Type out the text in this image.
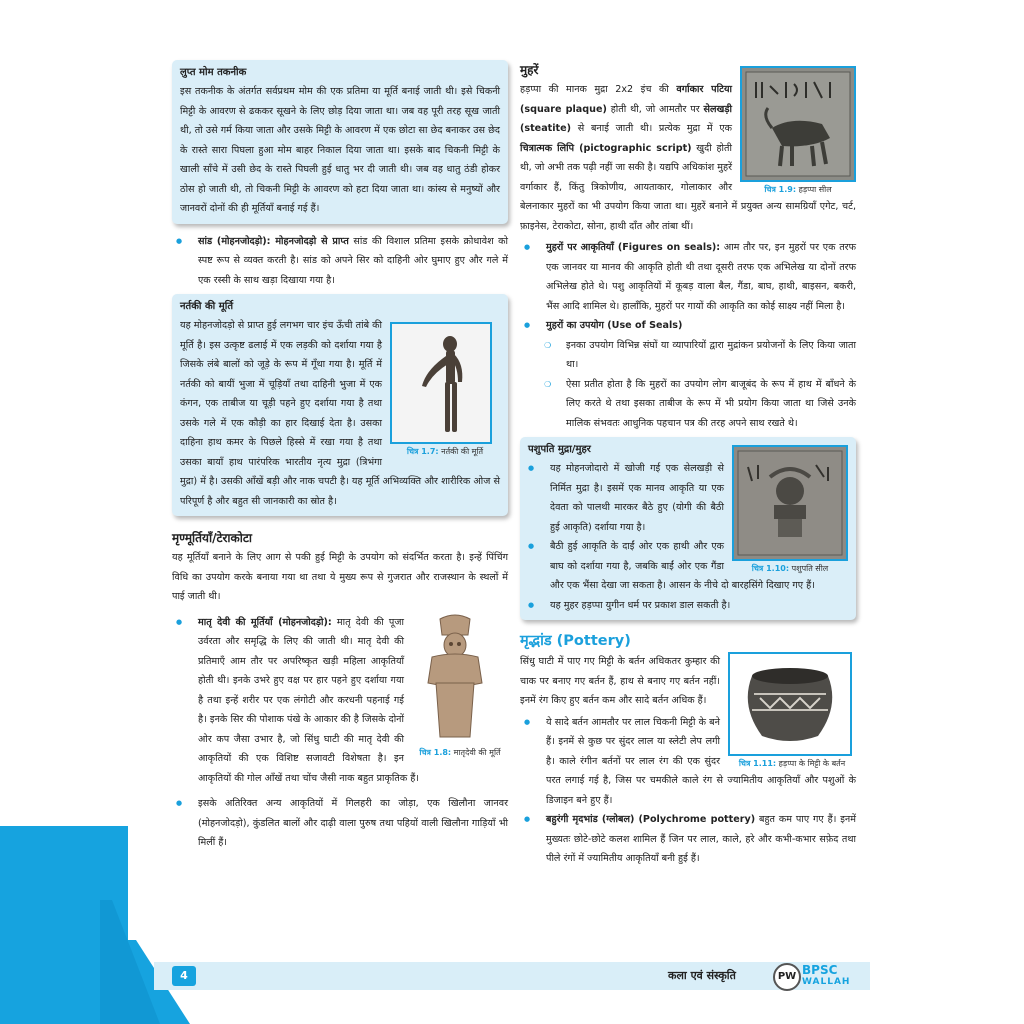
लुप्त मोम तकनीक

इस तकनीक के अंतर्गत सर्वप्रथम मोम की एक प्रतिमा या मूर्ति बनाई जाती थी। इसे चिकनी मिट्टी के आवरण से ढककर सूखने के लिए छोड़ दिया जाता था। जब वह पूरी तरह सूख जाती थी, तो उसे गर्म किया जाता और उसके मिट्टी के आवरण में एक छोटा सा छेद बनाकर उस छेद के रास्ते सारा पिघला हुआ मोम बाहर निकाल दिया जाता था। इसके बाद चिकनी मिट्टी के खाली साँचे में उसी छेद के रास्ते पिघली हुई धातु भर दी जाती थी। जब वह धातु ठंडी होकर ठोस हो जाती थी, तो चिकनी मिट्टी के आवरण को हटा दिया जाता था। कांस्य से मनुष्यों और जानवरों दोनों की ही मूर्तियाँ बनाई गई हैं।

● सांड (मोहनजोदड़ो): मोहनजोदड़ो से प्राप्त सांड की विशाल प्रतिमा इसके क्रोधावेश को स्पष्ट रूप से व्यक्त करती है। सांड को अपने सिर को दाहिनी ओर घुमाए हुए और गले में एक रस्सी के साथ खड़ा दिखाया गया है।
नर्तकी की मूर्ति
चित्र 1.7: नर्तकी की मूर्ति

यह मोहनजोदड़ो से प्राप्त हुई लगभग चार इंच ऊँची तांबे की मूर्ति है। इस उत्कृष्ट ढलाई में एक लड़की को दर्शाया गया है जिसके लंबे बालों को जूड़े के रूप में गूँथा गया है। मूर्ति में नर्तकी को बायीं भुजा में चूड़ियाँ तथा दाहिनी भुजा में एक कंगन, एक ताबीज या चूड़ी पहने हुए दर्शाया गया है तथा उसके गले में एक कौड़ी का हार दिखाई देता है। उसका दाहिना हाथ कमर के पिछले हिस्से में रखा गया है तथा उसका बायाँ हाथ पारंपरिक भारतीय नृत्य मुद्रा (त्रिभंगा मुद्रा) में है। उसकी आँखें बड़ी और नाक चपटी है। यह मूर्ति अभिव्यक्ति और शारीरिक ओज से परिपूर्ण है और बहुत सी जानकारी का स्रोत है।

मृण्मूर्तियाँ/टेराकोटा

यह मूर्तियाँ बनाने के लिए आग से पकी हुई मिट्टी के उपयोग को संदर्भित करता है। इन्हें पिंचिंग विधि का उपयोग करके बनाया गया था तथा ये मुख्य रूप से गुजरात और राजस्थान के स्थलों में पाई जाती थी।

● चित्र 1.8: मातृदेवी की मूर्ति
मातृ देवी की मूर्तियाँ (मोहनजोदड़ो): मातृ देवी की पूजा उर्वरता और समृद्धि के लिए की जाती थी। मातृ देवी की प्रतिमाएँ आम तौर पर अपरिष्कृत खड़ी महिला आकृतियाँ होती थी। इनके उभरे हुए वक्ष पर हार पहने हुए दर्शाया गया है तथा इन्हें शरीर पर एक लंगोटी और करधनी पहनाई गई है। इनके सिर की पोशाक पंखे के आकार की है जिसके दोनों ओर कप जैसा उभार है, जो सिंधु घाटी की मातृ देवी की आकृतियों की एक विशिष्ट सजावटी विशेषता है। इन आकृतियों की गोल आँखें तथा चोंच जैसी नाक बहुत प्राकृतिक हैं।
● इसके अतिरिक्त अन्य आकृतियों में गिलहरी का जोड़ा, एक खिलौना जानवर (मोहनजोदड़ो), कुंडलित बालों और दाढ़ी वाला पुरुष तथा पहियों वाली खिलौना गाड़ियाँ भी मिलीं हैं।
मुहरें
चित्र 1.9: हड़प्पा सील

हड़प्पा की मानक मुद्रा 2x2 इंच की वर्गाकार पटिया (square plaque) होती थी, जो आमतौर पर सेलखड़ी (steatite) से बनाई जाती थी। प्रत्येक मुद्रा में एक चित्रात्मक लिपि (pictographic script) खुदी होती थी, जो अभी तक पढ़ी नहीं जा सकी है। यद्यपि अधिकांश मुहरें वर्गाकार हैं, किंतु त्रिकोणीय, आयताकार, गोलाकार और बेलनाकार मुहरों का भी उपयोग किया जाता था। मुहरें बनाने में प्रयुक्त अन्य सामग्रियाँ एगेट, चर्ट, फ़ाइनेस, टेराकोटा, सोना, हाथी दाँत और तांबा थीं।

● मुहरों पर आकृतियाँ (Figures on seals): आम तौर पर, इन मुहरों पर एक तरफ एक जानवर या मानव की आकृति होती थी तथा दूसरी तरफ एक अभिलेख या दोनों तरफ अभिलेख होते थे। पशु आकृतियों में कूबड़ वाला बैल, गैंडा, बाघ, हाथी, बाइसन, बकरी, भैंस आदि शामिल थे। हालाँकि, मुहरों पर गायों की आकृति का कोई साक्ष्य नहीं मिला है।
● मुहरों का उपयोग (Use of Seals)
❍ इनका उपयोग विभिन्न संघों या व्यापारियों द्वारा मुद्रांकन प्रयोजनों के लिए किया जाता था।
❍ ऐसा प्रतीत होता है कि मुहरों का उपयोग लोग बाजूबंद के रूप में हाथ में बाँधने के लिए करते थे तथा इसका ताबीज के रूप में भी प्रयोग किया जाता था जिसे उनके मालिक संभवतः आधुनिक पहचान पत्र की तरह अपने साथ रखते थे।
पशुपति मुद्रा/मुहर
चित्र 1.10: पशुपति सील
● यह मोहनजोदारो में खोजी गई एक सेलखड़ी से निर्मित मुद्रा है। इसमें एक मानव आकृति या एक देवता को पालथी मारकर बैठे हुए (योगी की बैठी हुई आकृति) दर्शाया गया है।
● बैठी हुई आकृति के दाईं ओर एक हाथी और एक बाघ को दर्शाया गया है, जबकि बाईं ओर एक गैंडा और एक भैंसा देखा जा सकता है। आसन के नीचे दो बारहसिंगे दिखाए गए हैं।
● यह मुहर हड़प्पा युगीन धर्म पर प्रकाश डाल सकती है।
मृद्भांड (Pottery)
चित्र 1.11: हड़प्पा के मिट्टी के बर्तन

सिंधु घाटी में पाए गए मिट्टी के बर्तन अधिकतर कुम्हार की चाक पर बनाए गए बर्तन हैं, हाथ से बनाए गए बर्तन नहीं। इनमें रंग किए हुए बर्तन कम और सादे बर्तन अधिक हैं।

● ये सादे बर्तन आमतौर पर लाल चिकनी मिट्टी के बने हैं। इनमें से कुछ पर सुंदर लाल या स्लेटी लेप लगी है। काले रंगीन बर्तनों पर लाल रंग की एक सुंदर परत लगाई गई है, जिस पर चमकीले काले रंग से ज्यामितीय आकृतियाँ और पशुओं के डिजाइन बने हुए हैं।
● बहुरंगी मृदभांड (ग्लोबल) (Polychrome pottery) बहुत कम पाए गए हैं। इनमें मुख्यतः छोटे-छोटे कलश शामिल हैं जिन पर लाल, काले, हरे और कभी-कभार सफ़ेद तथा पीले रंगों में ज्यामितीय आकृतियाँ बनी हुई हैं।
4	कला एवं संस्कृति	PW BPSC
WALLAH
